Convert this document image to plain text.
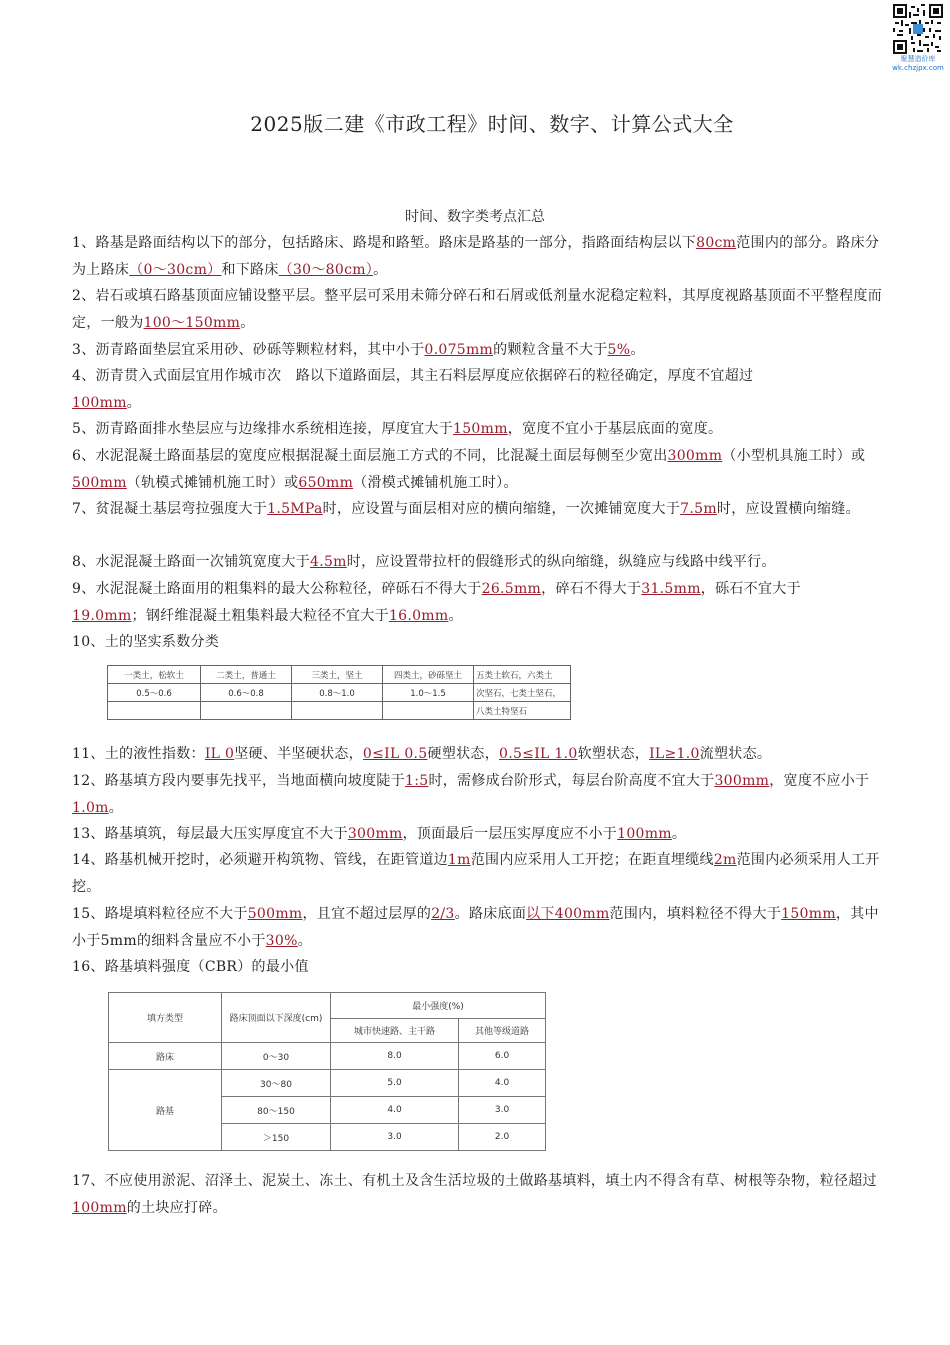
聚慧造价库
wk.chzjpx.com
2025版二建《市政工程》时间、数字、计算公式大全
时间、数字类考点汇总
1、路基是路面结构以下的部分，包括路床、路堤和路堑。路床是路基的一部分，指路面结构层以下80cm范围内的部分。路床分为上路床（0～30cm）和下路床（30～80cm）。
2、岩石或填石路基顶面应铺设整平层。整平层可采用未筛分碎石和石屑或低剂量水泥稳定粒料，其厚度视路基顶面不平整程度而定，一般为100～150mm。
3、沥青路面垫层宜采用砂、砂砾等颗粒材料，其中小于0.075mm的颗粒含量不大于5%。
4、沥青贯入式面层宜用作城市次　路以下道路面层，其主石料层厚度应依据碎石的粒径确定，厚度不宜超过100mm。
5、沥青路面排水垫层应与边缘排水系统相连接，厚度宜大于150mm，宽度不宜小于基层底面的宽度。
6、水泥混凝土路面基层的宽度应根据混凝土面层施工方式的不同，比混凝土面层每侧至少宽出300mm（小型机具施工时）或500mm（轨模式摊铺机施工时）或650mm（滑模式摊铺机施工时）。
7、贫混凝土基层弯拉强度大于1.5MPa时，应设置与面层相对应的横向缩缝，一次摊铺宽度大于7.5m时，应设置横向缩缝。
8、水泥混凝土路面一次铺筑宽度大于4.5m时，应设置带拉杆的假缝形式的纵向缩缝，纵缝应与线路中线平行。
9、水泥混凝土路面用的粗集料的最大公称粒径，碎砾石不得大于26.5mm，碎石不得大于31.5mm，砾石不宜大于19.0mm；钢纤维混凝土粗集料最大粒径不宜大于16.0mm。
10、土的坚实系数分类
一类土，松软土	二类土，普通土	三类土，坚土	四类土，砂砾坚土	五类土软石，六类土
0.5～0.6	0.6～0.8	0.8～1.0	1.0～1.5	次坚石，七类土坚石，
				八类土特坚石
11、土的液性指数：IL 0坚硬、半坚硬状态，0≤IL 0.5硬塑状态，0.5≤IL 1.0软塑状态，IL≥1.0流塑状态。
12、路基填方段内要事先找平，当地面横向坡度陡于1:5时，需修成台阶形式，每层台阶高度不宜大于300mm，宽度不应小于1.0m。
13、路基填筑，每层最大压实厚度宜不大于300mm，顶面最后一层压实厚度应不小于100mm。
14、路基机械开挖时，必须避开构筑物、管线，在距管道边1m范围内应采用人工开挖；在距直埋缆线2m范围内必须采用人工开挖。
15、路堤填料粒径应不大于500mm，且宜不超过层厚的2/3。路床底面以下400mm范围内，填料粒径不得大于150mm，其中小于5mm的细料含量应不小于30%。
16、路基填料强度（CBR）的最小值
填方类型	路床顶面以下深度(cm)	最小强度(%)	
		城市快速路、主干路	其他等级道路
路床	0～30	8.0	6.0
路基	30～80	5.0	4.0
	80～150	4.0	3.0
	＞150	3.0	2.0
17、不应使用淤泥、沼泽土、泥炭土、冻土、有机土及含生活垃圾的土做路基填料，填土内不得含有草、树根等杂物，粒径超过100mm的土块应打碎。
